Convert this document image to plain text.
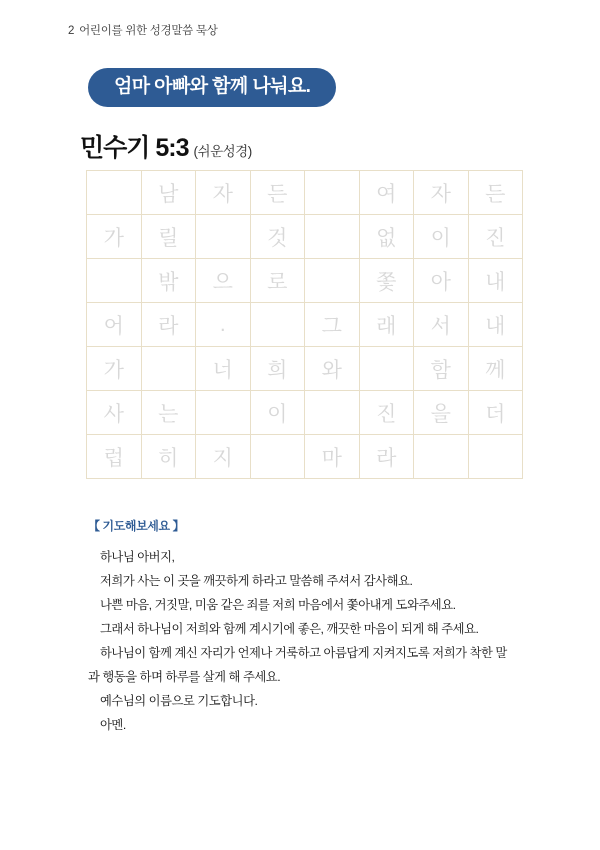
2 어린이를 위한 성경말씀 묵상
엄마 아빠와 함께 나눠요.
민수기 5:3 (쉬운성경)
	남	자	든		여	자	든
가	릴		것		없	이	진
	밖	으	로		쫓	아	내
어	라	.		그	래	서	내
가		너	희	와		함	께
사	는		이		진	을	더
럽	히	지		마	라		
【 기도해보세요 】

하나님 아버지,

저희가 사는 이 곳을 깨끗하게 하라고 말씀해 주셔서 감사해요.

나쁜 마음, 거짓말, 미움 같은 죄를 저희 마음에서 쫓아내게 도와주세요.

그래서 하나님이 저희와 함께 계시기에 좋은, 깨끗한 마음이 되게 해 주세요.

하나님이 함께 계신 자리가 언제나 거룩하고 아름답게 지켜지도록 저희가 착한 말과 행동을 하며 하루를 살게 해 주세요.

예수님의 이름으로 기도합니다.

아멘.
